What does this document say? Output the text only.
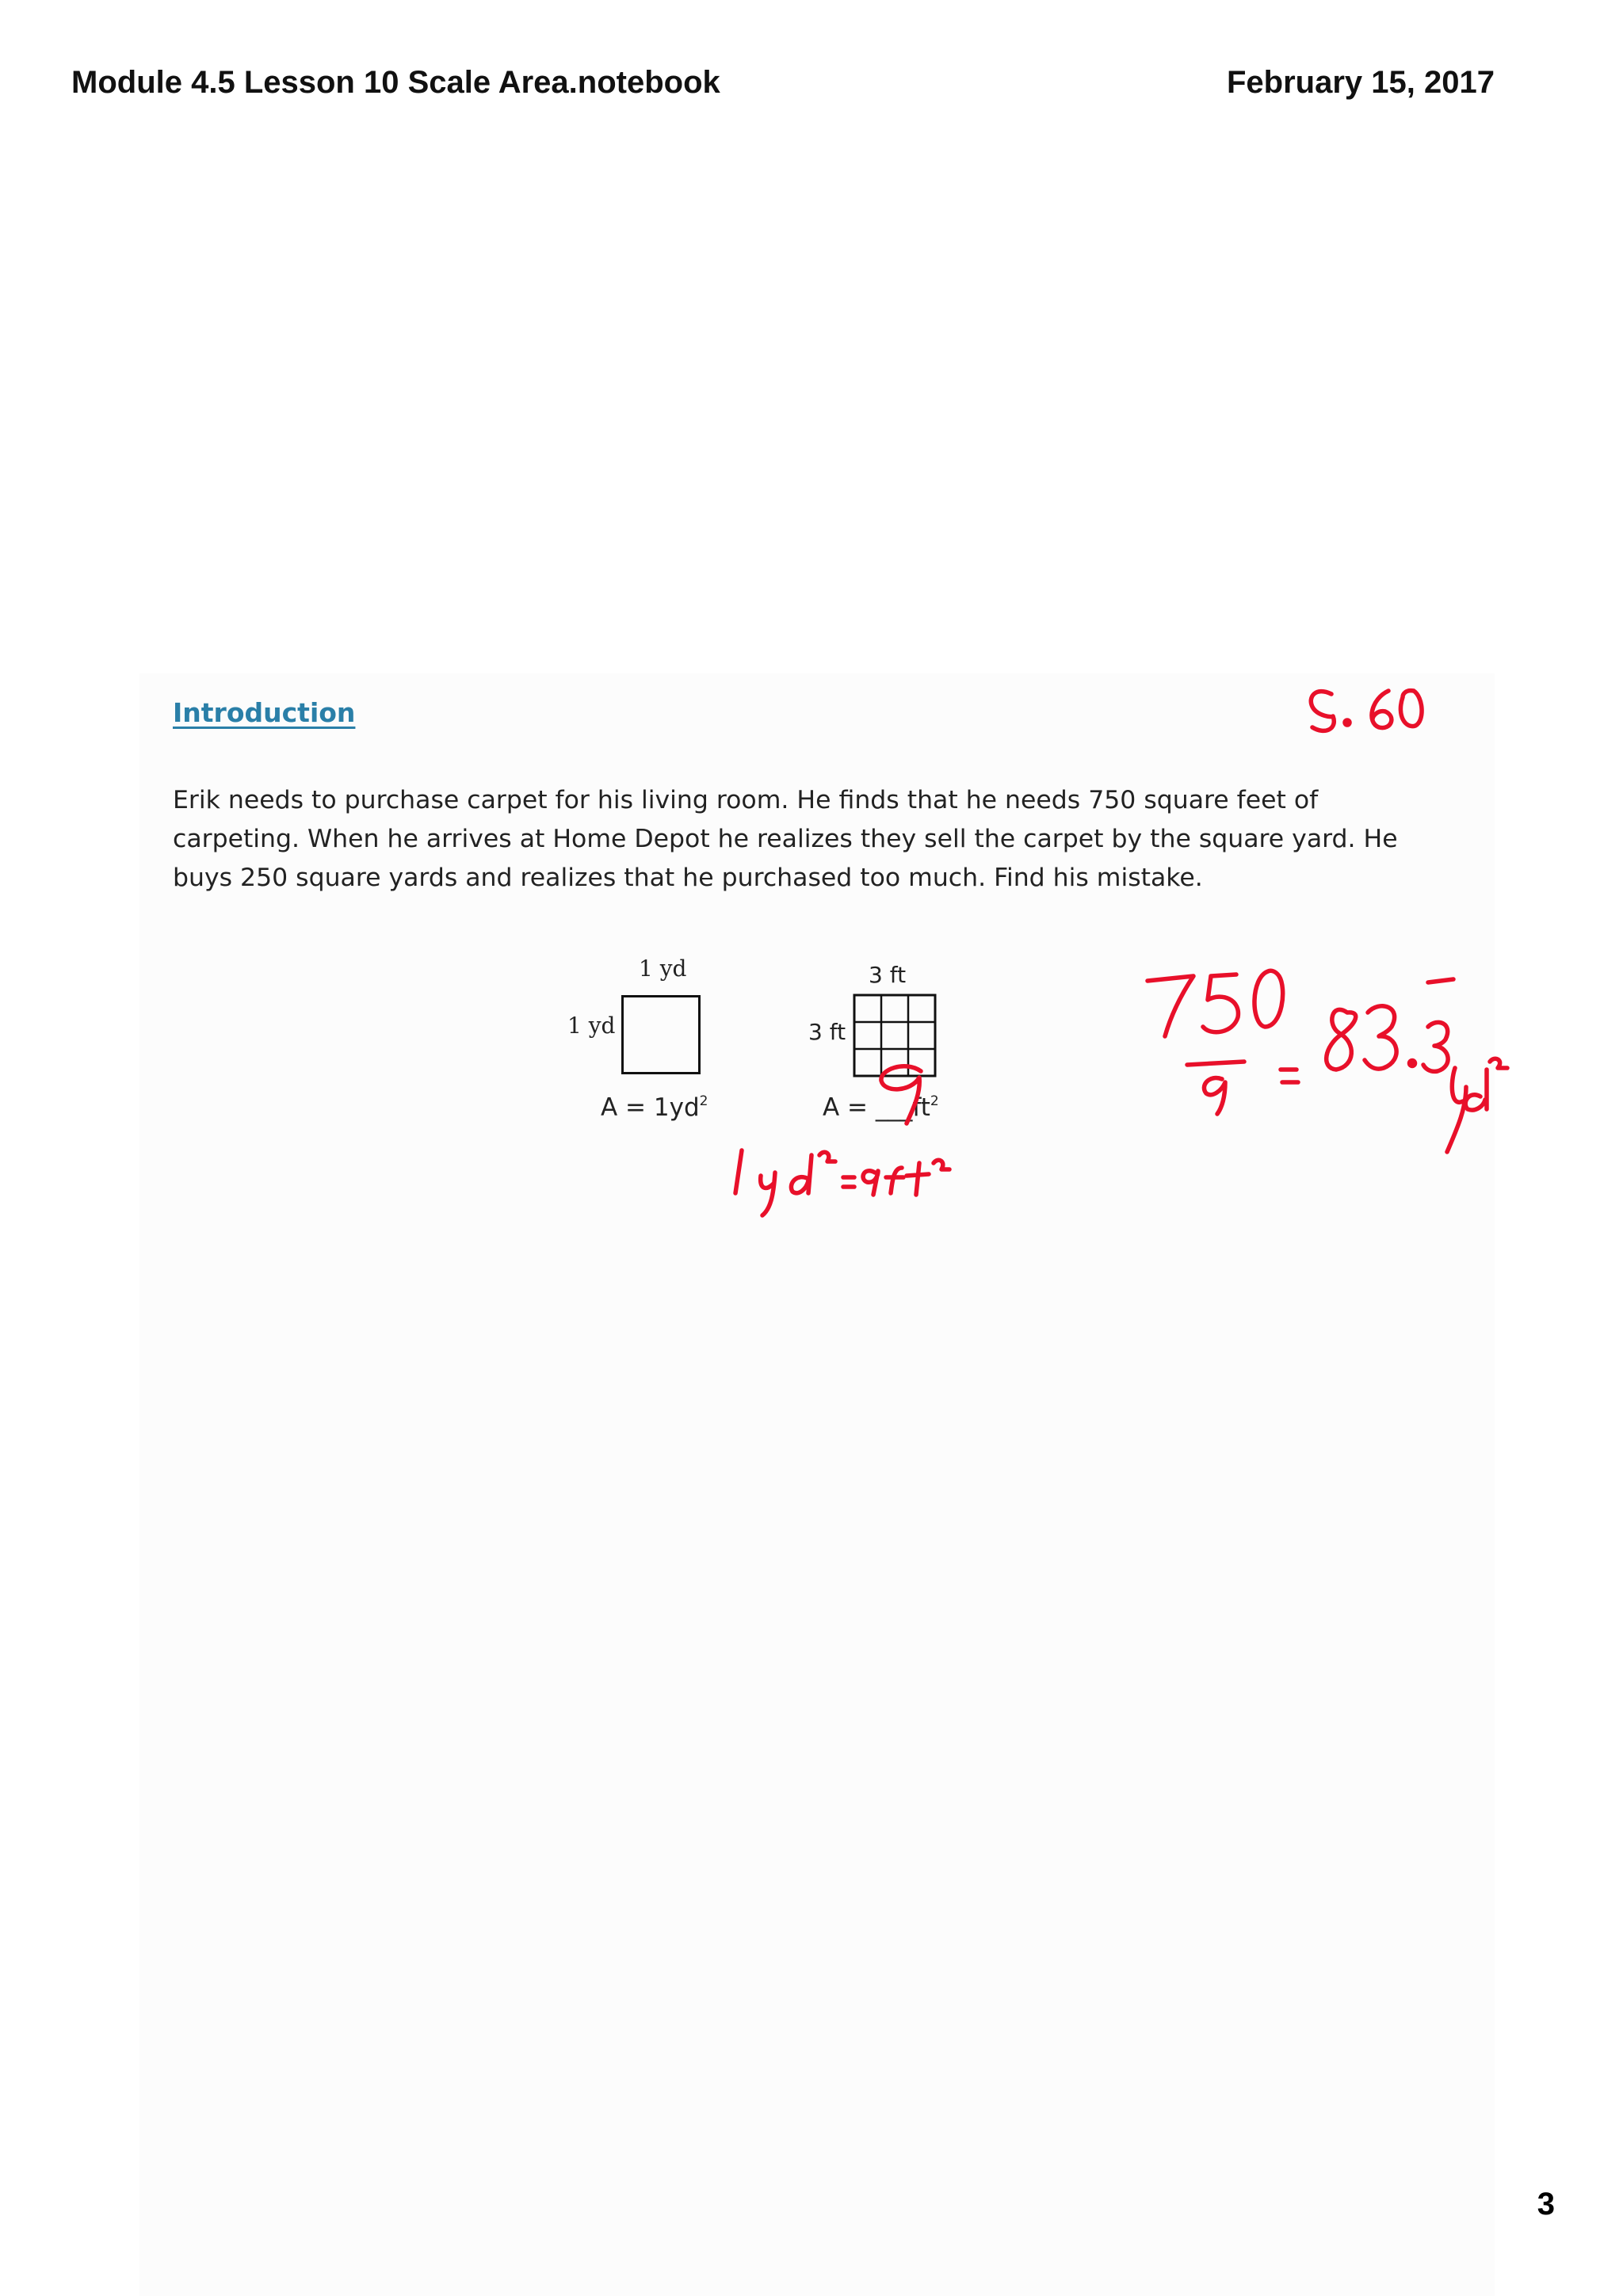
Module 4.5 Lesson 10 Scale Area.notebook	February 15, 2017
Introduction
Erik needs to purchase carpet for his living room. He finds that he needs 750 square feet of
carpeting. When he arrives at Home Depot he realizes they sell the carpet by the square yard. He
buys 250 square yards and realizes that he purchased too much. Find his mistake.
1 yd
1 yd
$A = 1yd^2$
3 ft
3 ft
$A = \_\_\_ft^2$
3
